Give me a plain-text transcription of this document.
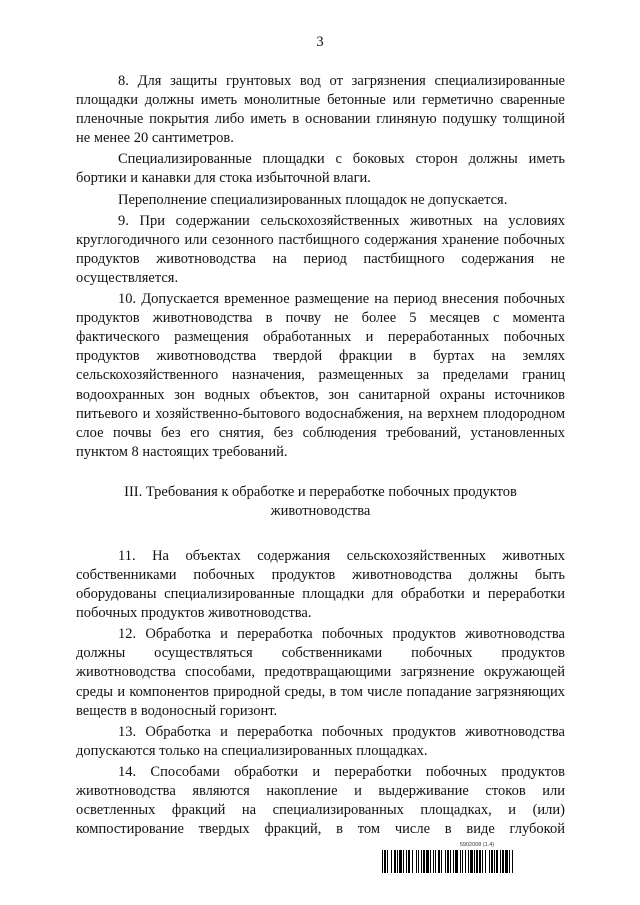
3

8. Для защиты грунтовых вод от загрязнения специализированные площадки должны иметь монолитные бетонные или герметично сваренные пленочные покрытия либо иметь в основании глиняную подушку толщиной не менее 20 сантиметров.

Специализированные площадки с боковых сторон должны иметь бортики и канавки для стока избыточной влаги.

Переполнение специализированных площадок не допускается.

9. При содержании сельскохозяйственных животных на условиях круглогодичного или сезонного пастбищного содержания хранение побочных продуктов животноводства на период пастбищного содержания не осуществляется.

10. Допускается временное размещение на период внесения побочных продуктов животноводства в почву не более 5 месяцев с момента фактического размещения обработанных и переработанных побочных продуктов животноводства твердой фракции в буртах на землях сельскохозяйственного назначения, размещенных за пределами границ водоохранных зон водных объектов, зон санитарной охраны источников питьевого и хозяйственно-бытового водоснабжения, на верхнем плодородном слое почвы без его снятия, без соблюдения требований, установленных пунктом 8 настоящих требований.

III. Требования к обработке и переработке побочных продуктов
животноводства

11. На объектах содержания сельскохозяйственных животных собственниками побочных продуктов животноводства должны быть оборудованы специализированные площадки для обработки и переработки побочных продуктов животноводства.

12. Обработка и переработка побочных продуктов животноводства должны осуществляться собственниками побочных продуктов животноводства способами, предотвращающими загрязнение окружающей среды и компонентов природной среды, в том числе попадание загрязняющих веществ в водоносный горизонт.

13. Обработка и переработка побочных продуктов животноводства допускаются только на специализированных площадках.

14. Способами обработки и переработки побочных продуктов животноводства являются накопление и выдерживание стоков или осветленных фракций на специализированных площадках, и (или) компостирование твердых фракций, в том числе в виде глубокой

5902008 (1.4)
